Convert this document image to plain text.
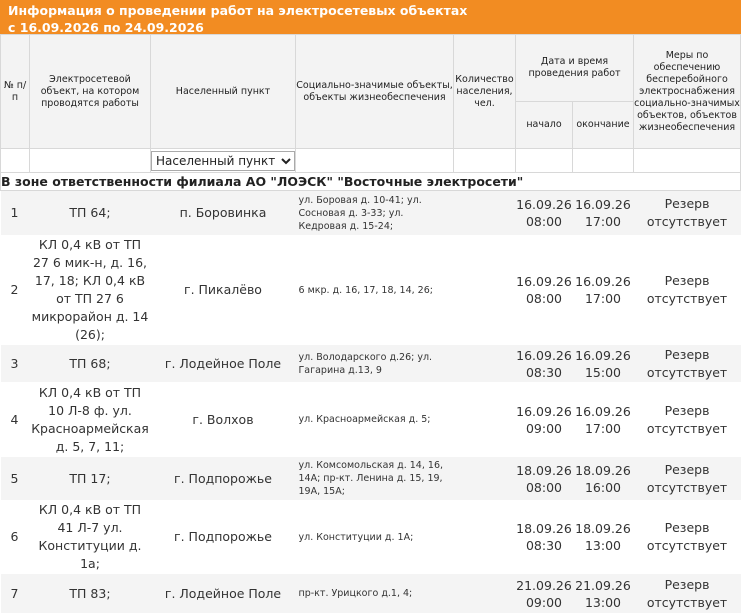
Информация о проведении работ на электросетевых объектах
с 16.09.2026 по 24.09.2026
№ п/п	Электросетевой объект, на котором проводятся работы	Населенный пункт	Социально-значимые объекты, объекты жизнеобеспечения	Количество населения, чел.	Дата и время проведения работ		Меры по обеспечению бесперебойного электроснабжения социально-значимых объектов, объектов жизнеобеспечения
					начало	окончание	

Населенный пункт					
В зоне ответственности филиала АО "ЛОЭСК" "Восточные электросети"							
1	ТП 64;	п. Боровинка	ул. Боровая д. 10-41; ул. Сосновая д. 3-33; ул. Кедровая д. 15-24;		16.09.26 08:00	16.09.26 17:00	Резерв отсутствует
2	КЛ 0,4 кВ от ТП 27 6 мик-н, д. 16, 17, 18; КЛ 0,4 кВ от ТП 27 6 микрорайон д. 14 (26);	г. Пикалёво	6 мкр. д. 16, 17, 18, 14, 26;		16.09.26 08:00	16.09.26 17:00	Резерв отсутствует
3	ТП 68;	г. Лодейное Поле	ул. Володарского д.26; ул. Гагарина д.13, 9		16.09.26 08:30	16.09.26 15:00	Резерв отсутствует
4	КЛ 0,4 кВ от ТП 10 Л-8 ф. ул. Красноармейская д. 5, 7, 11;	г. Волхов	ул. Красноармейская д. 5;		16.09.26 09:00	16.09.26 17:00	Резерв отсутствует
5	ТП 17;	г. Подпорожье	ул. Комсомольская д. 14, 16, 14А; пр-кт. Ленина д. 15, 19, 19А, 15А;		18.09.26 08:00	18.09.26 16:00	Резерв отсутствует
6	КЛ 0,4 кВ от ТП 41 Л-7 ул. Конституции д. 1а;	г. Подпорожье	ул. Конституции д. 1А;		18.09.26 08:30	18.09.26 13:00	Резерв отсутствует
7	ТП 83;	г. Лодейное Поле	пр-кт. Урицкого д.1, 4;		21.09.26 09:00	21.09.26 13:00	Резерв отсутствует
